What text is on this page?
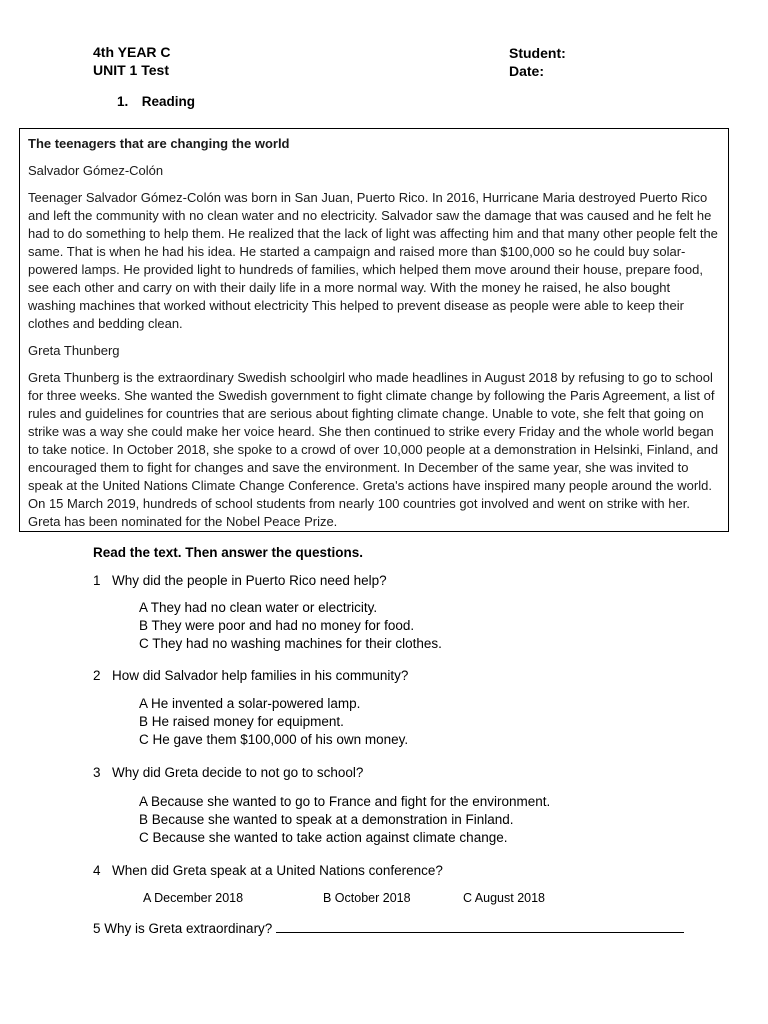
4th YEAR C
UNIT 1 Test
Student:
Date:
1. Reading

The teenagers that are changing the world

Salvador Gómez-Colón

Teenager Salvador Gómez-Colón was born in San Juan, Puerto Rico. In 2016, Hurricane Maria destroyed Puerto Rico and left the community with no clean water and no electricity. Salvador saw the damage that was caused and he felt he had to do something to help them. He realized that the lack of light was affecting him and that many other people felt the same. That is when he had his idea. He started a campaign and raised more than $100,000 so he could buy solar-powered lamps. He provided light to hundreds of families, which helped them move around their house, prepare food, see each other and carry on with their daily life in a more normal way. With the money he raised, he also bought washing machines that worked without electricity This helped to prevent disease as people were able to keep their clothes and bedding clean.

Greta Thunberg

Greta Thunberg is the extraordinary Swedish schoolgirl who made headlines in August 2018 by refusing to go to school for three weeks. She wanted the Swedish government to fight climate change by following the Paris Agreement, a list of rules and guidelines for countries that are serious about fighting climate change. Unable to vote, she felt that going on strike was a way she could make her voice heard. She then continued to strike every Friday and the whole world began to take notice. In October 2018, she spoke to a crowd of over 10,000 people at a demonstration in Helsinki, Finland, and encouraged them to fight for changes and save the environment. In December of the same year, she was invited to speak at the United Nations Climate Change Conference. Greta's actions have inspired many people around the world. On 15 March 2019, hundreds of school students from nearly 100 countries got involved and went on strike with her. Greta has been nominated for the Nobel Peace Prize.

Read the text. Then answer the questions.
1 Why did the people in Puerto Rico need help?
A They had no clean water or electricity.
B They were poor and had no money for food.
C They had no washing machines for their clothes.
2 How did Salvador help families in his community?
A He invented a solar-powered lamp.
B He raised money for equipment.
C He gave them $100,000 of his own money.
3 Why did Greta decide to not go to school?
A Because she wanted to go to France and fight for the environment.
B Because she wanted to speak at a demonstration in Finland.
C Because she wanted to take action against climate change.
4 When did Greta speak at a United Nations conference?
A December 2018	B October 2018	C August 2018
5 Why is Greta extraordinary?
